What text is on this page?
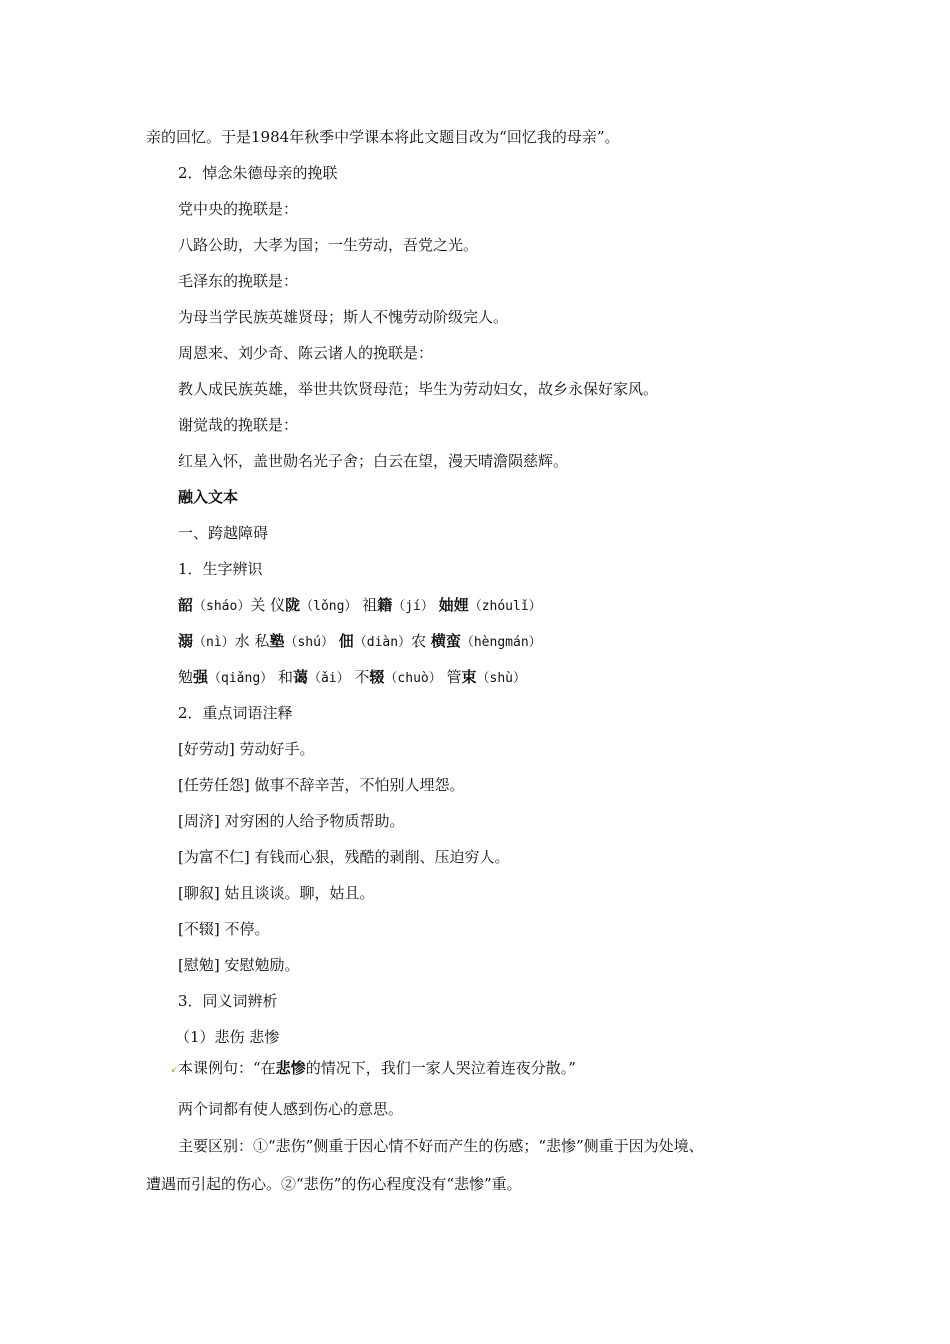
亲的回忆。于是1984年秋季中学课本将此文题目改为“回忆我的母亲”。
2．悼念朱德母亲的挽联
党中央的挽联是：
八路公助，大孝为国；一生劳动，吾党之光。
毛泽东的挽联是：
为母当学民族英雄贤母；斯人不愧劳动阶级完人。
周恩来、刘少奇、陈云诸人的挽联是：
教人成民族英雄，举世共饮贤母范；毕生为劳动妇女，故乡永保好家风。
谢觉哉的挽联是：
红星入怀，盖世勋名光子舍；白云在望，漫天晴澹陨慈辉。
融入文本
一、跨越障碍
1．生字辨识
韶（sháo）关 仪陇（lǒng） 祖籍（jí） 妯娌（zhóulǐ）
溺（nì）水 私塾（shú） 佃（diàn）农 横蛮（hèngmán）
勉强（qiǎng） 和蔼（ǎi） 不辍（chuò） 管束（shù）
2．重点词语注释
[好劳动] 劳动好手。
[任劳任怨] 做事不辞辛苦，不怕别人埋怨。
[周济] 对穷困的人给予物质帮助。
[为富不仁] 有钱而心狠，残酷的剥削、压迫穷人。
[聊叙] 姑且谈谈。聊，姑且。
[不辍] 不停。
[慰勉] 安慰勉励。
3．同义词辨析
（1）悲伤 悲惨
↙ 本课例句：“在悲惨的情况下，我们一家人哭泣着连夜分散。”
两个词都有使人感到伤心的意思。
主要区别：①“悲伤”侧重于因心情不好而产生的伤感；“悲惨”侧重于因为处境、
遭遇而引起的伤心。②“悲伤”的伤心程度没有“悲惨”重。
